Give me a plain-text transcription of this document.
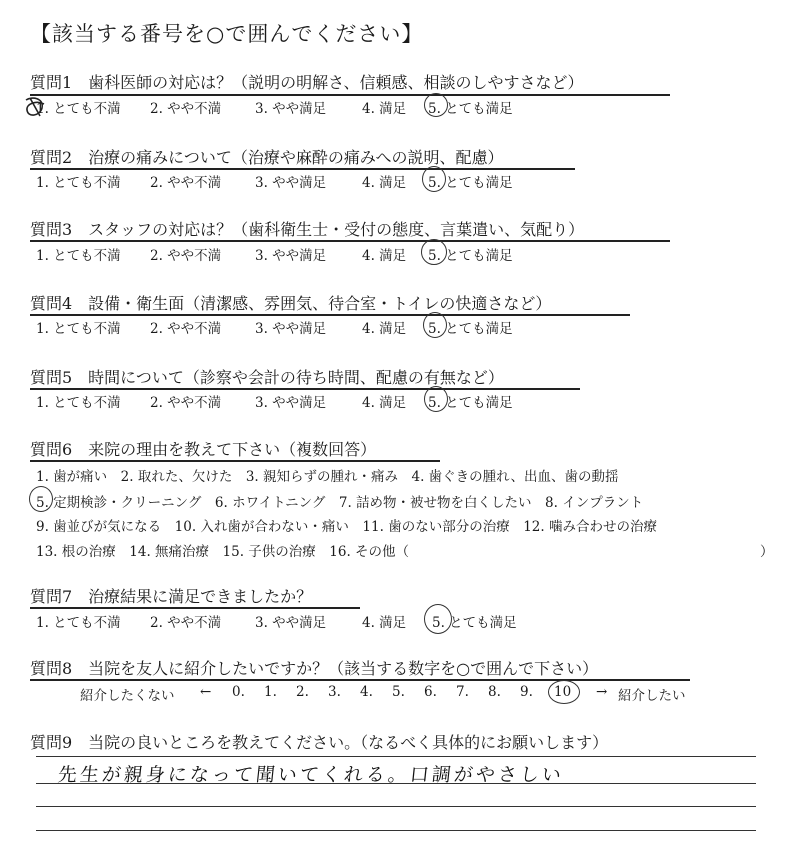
【該当する番号を○で囲んでください】
質問1　歯科医師の対応は？（説明の明解さ、信頼感、相談のしやすさなど）
1. とても不満 2. やや不満	3. やや満足	4. 満足 5. とても満足
質問2　治療の痛みについて（治療や麻酔の痛みへの説明、配慮）
1. とても不満 2. やや不満	3. やや満足	4. 満足 5. とても満足
質問3　スタッフの対応は？（歯科衛生士・受付の態度、言葉遣い、気配り）
1. とても不満 2. やや不満	3. やや満足	4. 満足 5. とても満足
質問4　設備・衛生面（清潔感、雰囲気、待合室・トイレの快適さなど）
1. とても不満 2. やや不満	3. やや満足	4. 満足 5. とても満足
質問5　時間について（診察や会計の待ち時間、配慮の有無など）
1. とても不満 2. やや不満	3. やや満足	4. 満足 5. とても満足
質問6　来院の理由を教えて下さい（複数回答）
1. 歯が痛い　2. 取れた、欠けた　3. 親知らずの腫れ・痛み　4. 歯ぐきの腫れ、出血、歯の動揺
5. 定期検診・クリーニング　6. ホワイトニング　7. 詰め物・被せ物を白くしたい　8. インプラント
9. 歯並びが気になる　10. 入れ歯が合わない・痛い　11. 歯のない部分の治療　12. 噛み合わせの治療
13. 根の治療　14. 無痛治療　15. 子供の治療　16. その他（	）
質問7　治療結果に満足できましたか？
1. とても不満 2. やや不満	3. やや満足	4. 満足 5. とても満足
質問8　当院を友人に紹介したいですか？（該当する数字を○で囲んで下さい）
紹介したくない ← 0. 1. 2. 3. 4. 5. 6. 7. 8. 9. 10 → 紹介したい
質問9　当院の良いところを教えてください。（なるべく具体的にお願いします）
先生が親身になって聞いてくれる。口調がやさしい
